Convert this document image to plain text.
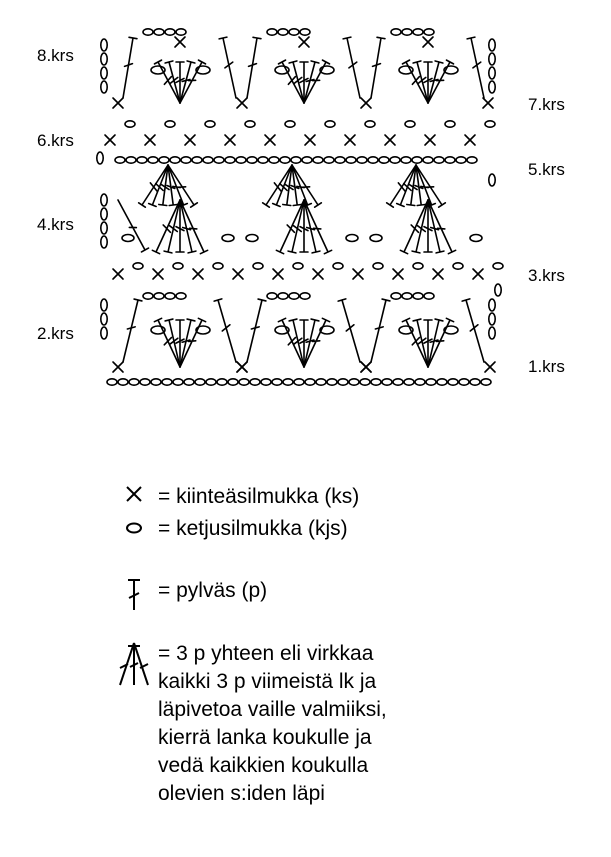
8.krs
7.krs
6.krs
5.krs
4.krs
3.krs
2.krs
1.krs
= kiinteäsilmukka (ks)
= ketjusilmukka (kjs)
= pylväs (p)
= 3 p yhteen eli virkkaa
kaikki 3 p viimeistä lk ja
läpivetoa vaille valmiiksi,
kierrä lanka koukulle ja
vedä kaikkien koukulla
olevien s:iden läpi
